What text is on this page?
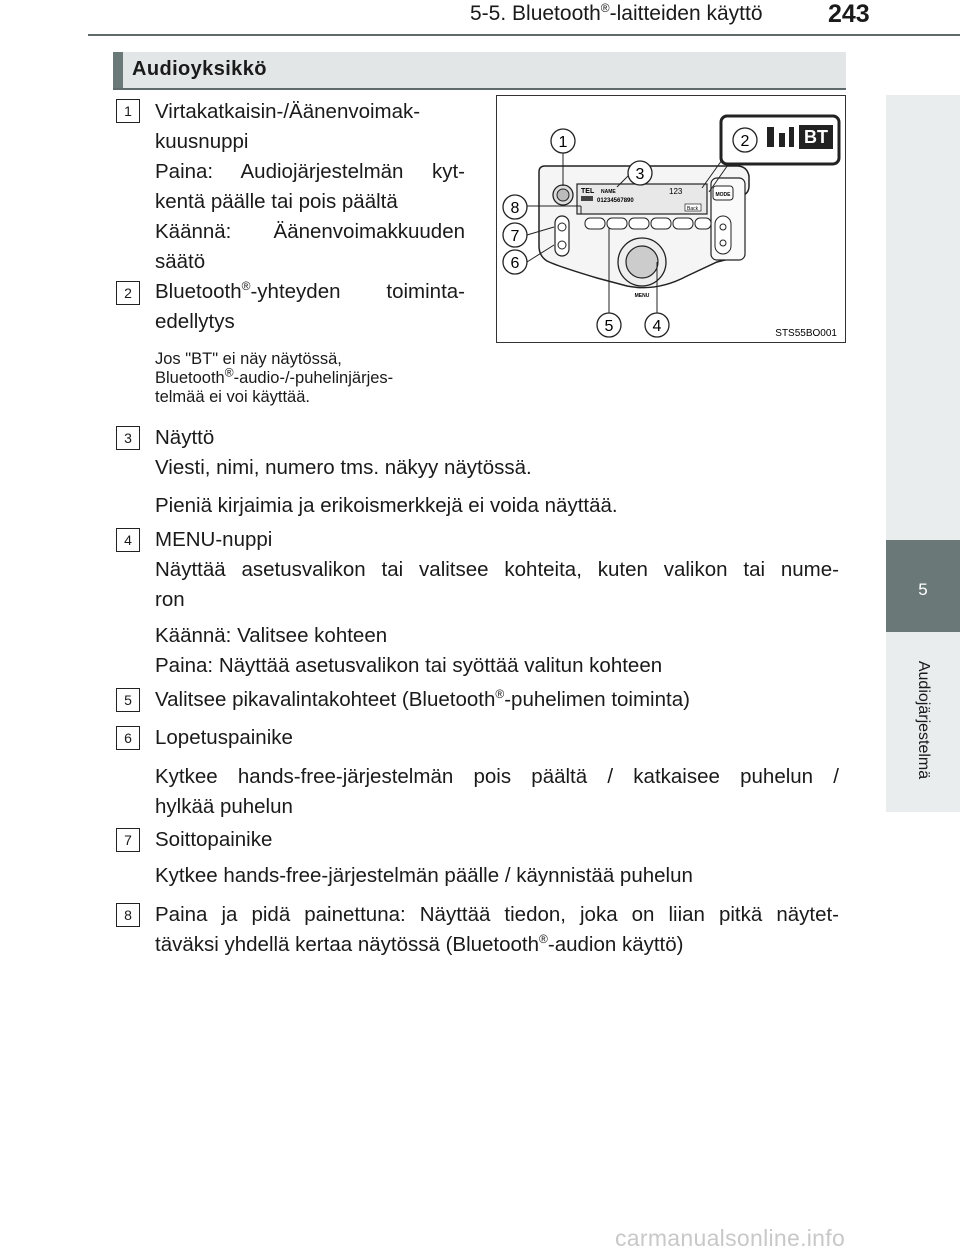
5-5. Bluetooth®-laitteiden käyttö	243
5
Audiojärjestelmä
Audioyksikkö
1	Virtakatkaisin-/Äänenvoimak-
kuusnuppi
Paina: Audiojärjestelmän kyt-
kentä päälle tai pois päältä
Käännä: Äänenvoimakkuuden
säätö
2	Bluetooth®-yhteyden toiminta-
edellytys
Jos "BT" ei näy näytössä,
Bluetooth®-audio-/-puhelinjärjes-
telmää ei voi käyttää.
MODE
TEL NAME
01234567890
123
Back
MENU
BT
1	2
3
4
5
6
7
8
STS55BO001
3	Näyttö
Viesti, nimi, numero tms. näkyy näytössä.
Pieniä kirjaimia ja erikoismerkkejä ei voida näyttää.
4	MENU-nuppi
Näyttää asetusvalikon tai valitsee kohteita, kuten valikon tai nume-
ron
Käännä: Valitsee kohteen
Paina: Näyttää asetusvalikon tai syöttää valitun kohteen
5	Valitsee pikavalintakohteet (Bluetooth®-puhelimen toiminta)
6	Lopetuspainike
Kytkee hands-free-järjestelmän pois päältä / katkaisee puhelun /
hylkää puhelun
7	Soittopainike
Kytkee hands-free-järjestelmän päälle / käynnistää puhelun
8	Paina ja pidä painettuna: Näyttää tiedon, joka on liian pitkä näytet-
täväksi yhdellä kertaa näytössä (Bluetooth®-audion käyttö)
carmanualsonline.info
